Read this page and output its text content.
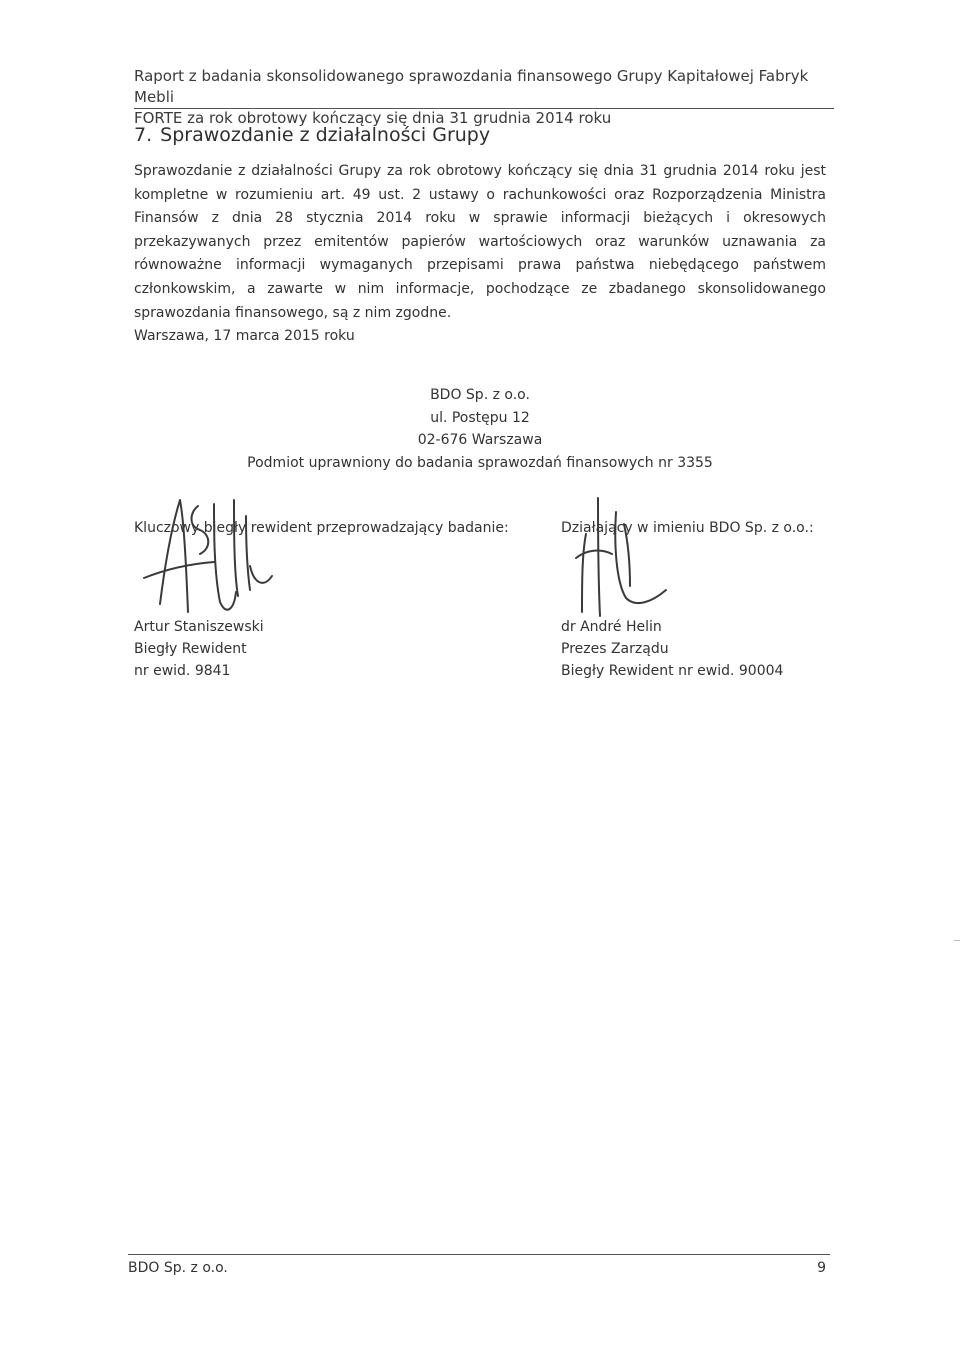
Raport z badania skonsolidowanego sprawozdania finansowego Grupy Kapitałowej Fabryk Mebli
FORTE za rok obrotowy kończący się dnia 31 grudnia 2014 roku
7. Sprawozdanie z działalności Grupy
Sprawozdanie z działalności Grupy za rok obrotowy kończący się dnia 31 grudnia 2014 roku jest kompletne w rozumieniu art. 49 ust. 2 ustawy o rachunkowości oraz Rozporządzenia Ministra Finansów z dnia 28 stycznia 2014 roku w sprawie informacji bieżących i okresowych przekazywanych przez emitentów papierów wartościowych oraz warunków uznawania za równoważne informacji wymaganych przepisami prawa państwa niebędącego państwem członkowskim, a zawarte w nim informacje, pochodzące ze zbadanego skonsolidowanego sprawozdania finansowego, są z nim zgodne.
Warszawa, 17 marca 2015 roku
BDO Sp. z o.o.
ul. Postępu 12
02-676 Warszawa
Podmiot uprawniony do badania sprawozdań finansowych nr 3355
Kluczowy biegły rewident przeprowadzający badanie:	Działający w imieniu BDO Sp. z o.o.:
Artur Staniszewski
Biegły Rewident
nr ewid. 9841
dr André Helin
Prezes Zarządu
Biegły Rewident nr ewid. 90004
BDO Sp. z o.o.	9
